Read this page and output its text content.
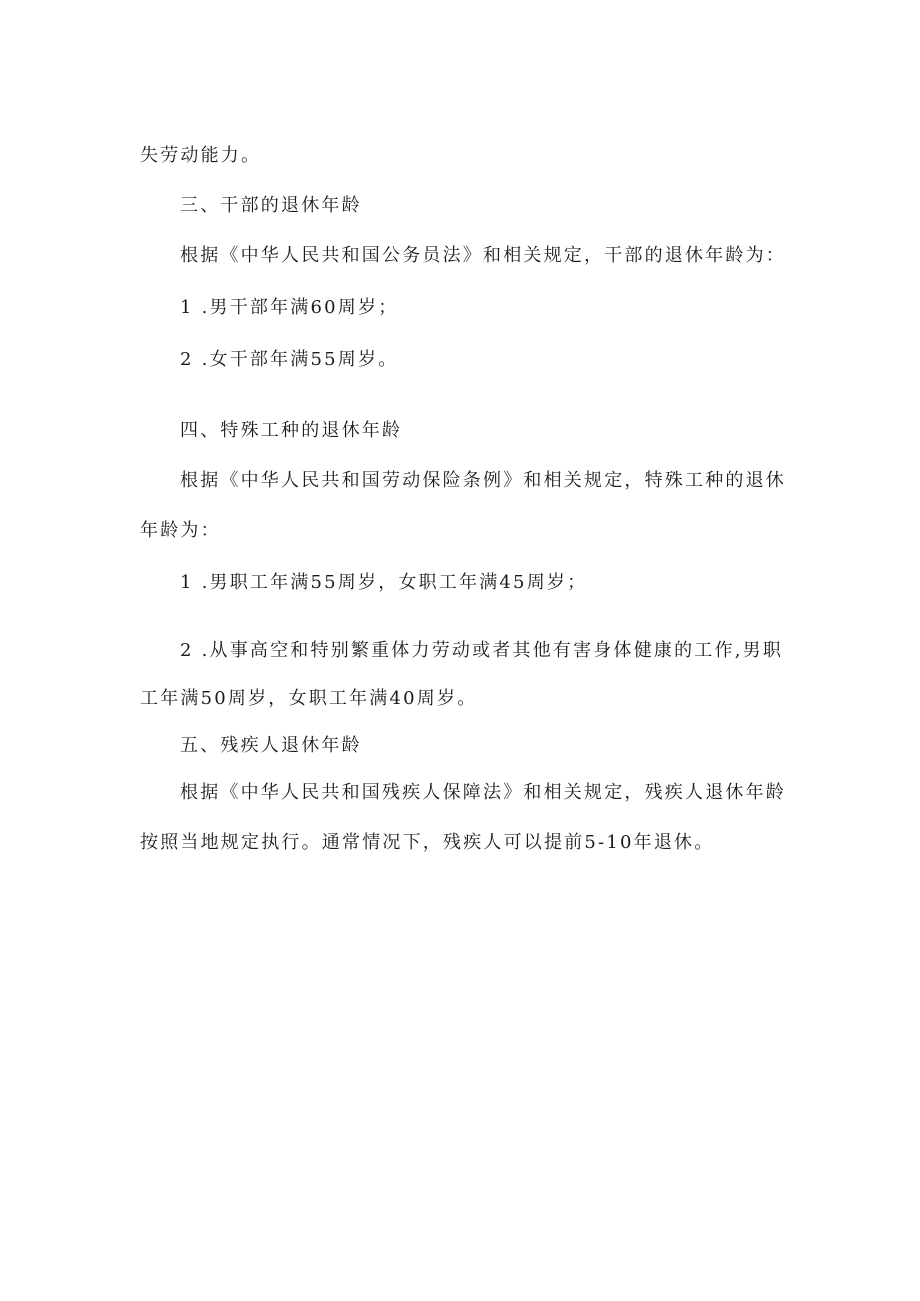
失劳动能力。
三、干部的退休年龄
根据《中华人民共和国公务员法》和相关规定，干部的退休年龄为：
1 .男干部年满60周岁；
2 .女干部年满55周岁。
四、特殊工种的退休年龄
根据《中华人民共和国劳动保险条例》和相关规定，特殊工种的退休
年龄为：
1 .男职工年满55周岁，女职工年满45周岁；
2 .从事高空和特别繁重体力劳动或者其他有害身体健康的工作,男职
工年满50周岁，女职工年满40周岁。
五、残疾人退休年龄
根据《中华人民共和国残疾人保障法》和相关规定，残疾人退休年龄
按照当地规定执行。通常情况下，残疾人可以提前5-10年退休。
